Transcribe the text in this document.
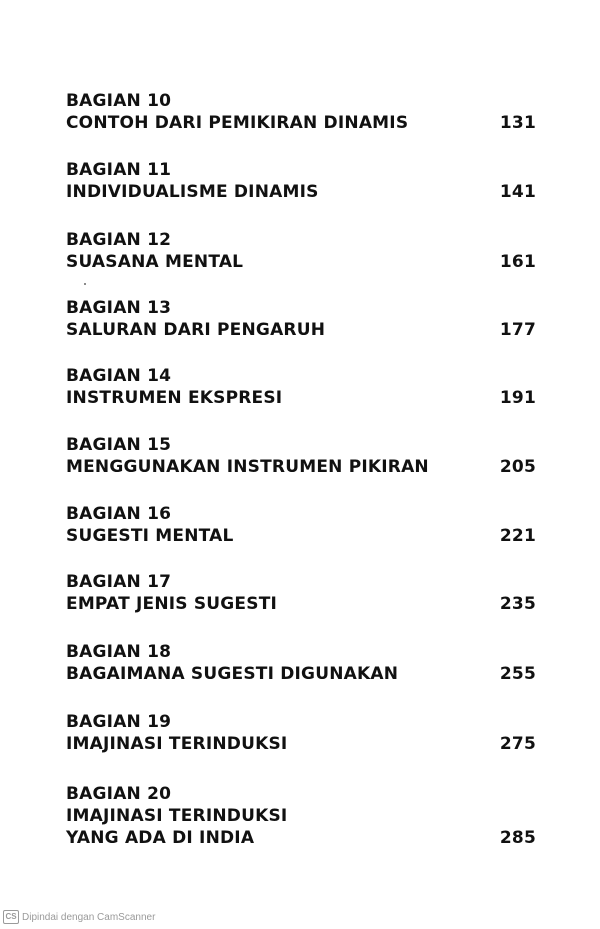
BAGIAN 10
CONTOH DARI PEMIKIRAN DINAMIS	131
BAGIAN 11
INDIVIDUALISME DINAMIS	141
BAGIAN 12
SUASANA MENTAL	161
BAGIAN 13
SALURAN DARI PENGARUH	177
BAGIAN 14
INSTRUMEN EKSPRESI	191
BAGIAN 15
MENGGUNAKAN INSTRUMEN PIKIRAN	205
BAGIAN 16
SUGESTI MENTAL	221
BAGIAN 17
EMPAT JENIS SUGESTI	235
BAGIAN 18
BAGAIMANA SUGESTI DIGUNAKAN	255
BAGIAN 19
IMAJINASI TERINDUKSI	275
BAGIAN 20
IMAJINASI TERINDUKSI
YANG ADA DI INDIA	285
CS Dipindai dengan CamScanner
